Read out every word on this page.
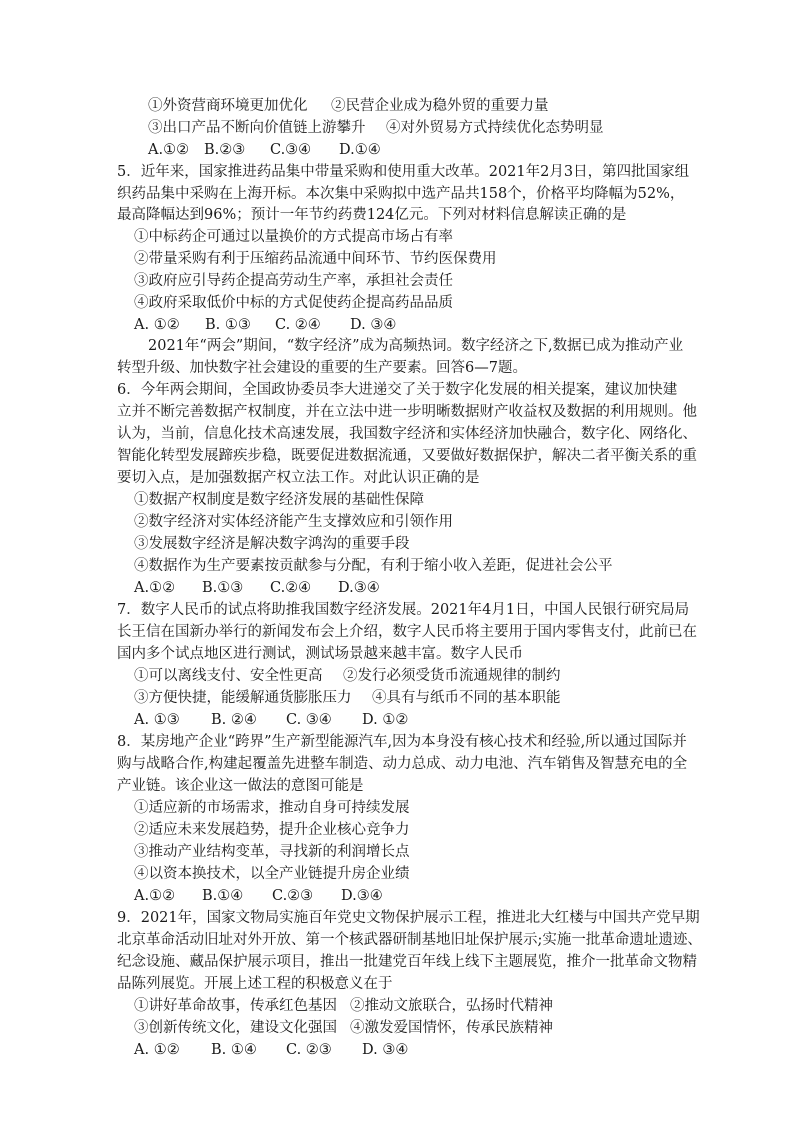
①外资营商环境更加优化 ②民营企业成为稳外贸的重要力量
③出口产品不断向价值链上游攀升 ④对外贸易方式持续优化态势明显
A.①② B.②③ C.③④ D.①④
5．近年来，国家推进药品集中带量采购和使用重大改革。2021年2月3日，第四批国家组
织药品集中采购在上海开标。本次集中采购拟中选产品共158个，价格平均降幅为52%，
最高降幅达到96%；预计一年节约药费124亿元。下列对材料信息解读正确的是
①中标药企可通过以量换价的方式提高市场占有率
②带量采购有利于压缩药品流通中间环节、节约医保费用
③政府应引导药企提高劳动生产率，承担社会责任
④政府采取低价中标的方式促使药企提高药品品质
A. ①② B. ①③ C. ②④ D. ③④
2021年“两会”期间，“数字经济”成为高频热词。数字经济之下,数据已成为推动产业
转型升级、加快数字社会建设的重要的生产要素。回答6—7题。
6．今年两会期间，全国政协委员李大进递交了关于数字化发展的相关提案，建议加快建
立并不断完善数据产权制度，并在立法中进一步明晰数据财产收益权及数据的利用规则。他
认为，当前，信息化技术高速发展，我国数字经济和实体经济加快融合，数字化、网络化、
智能化转型发展蹄疾步稳，既要促进数据流通，又要做好数据保护，解决二者平衡关系的重
要切入点，是加强数据产权立法工作。对此认识正确的是
①数据产权制度是数字经济发展的基础性保障
②数字经济对实体经济能产生支撑效应和引领作用
③发展数字经济是解决数字鸿沟的重要手段
④数据作为生产要素按贡献参与分配，有利于缩小收入差距，促进社会公平
A.①② B.①③ C.②④ D.③④
7．数字人民币的试点将助推我国数字经济发展。2021年4月1日，中国人民银行研究局局
长王信在国新办举行的新闻发布会上介绍，数字人民币将主要用于国内零售支付，此前已在
国内多个试点地区进行测试，测试场景越来越丰富。数字人民币
①可以离线支付、安全性更高 ②发行必须受货币流通规律的制约
③方便快捷，能缓解通货膨胀压力 ④具有与纸币不同的基本职能
A. ①③ B. ②④ C. ③④ D. ①②
8．某房地产企业“跨界”生产新型能源汽车,因为本身没有核心技术和经验,所以通过国际并
购与战略合作,构建起覆盖先进整车制造、动力总成、动力电池、汽车销售及智慧充电的全
产业链。该企业这一做法的意图可能是
①适应新的市场需求，推动自身可持续发展
②适应未来发展趋势，提升企业核心竞争力
③推动产业结构变革，寻找新的利润增长点
④以资本换技术，以全产业链提升房企业绩
A.①② B.①④ C.②③ D.③④
9．2021年，国家文物局实施百年党史文物保护展示工程，推进北大红楼与中国共产党早期
北京革命活动旧址对外开放、第一个核武器研制基地旧址保护展示;实施一批革命遗址遗迹、
纪念设施、藏品保护展示项目，推出一批建党百年线上线下主题展览，推介一批革命文物精
品陈列展览。开展上述工程的积极意义在于
①讲好革命故事，传承红色基因 ②推动文旅联合，弘扬时代精神
③创新传统文化，建设文化强国 ④激发爱国情怀，传承民族精神
A. ①② B. ①④ C. ②③ D. ③④
